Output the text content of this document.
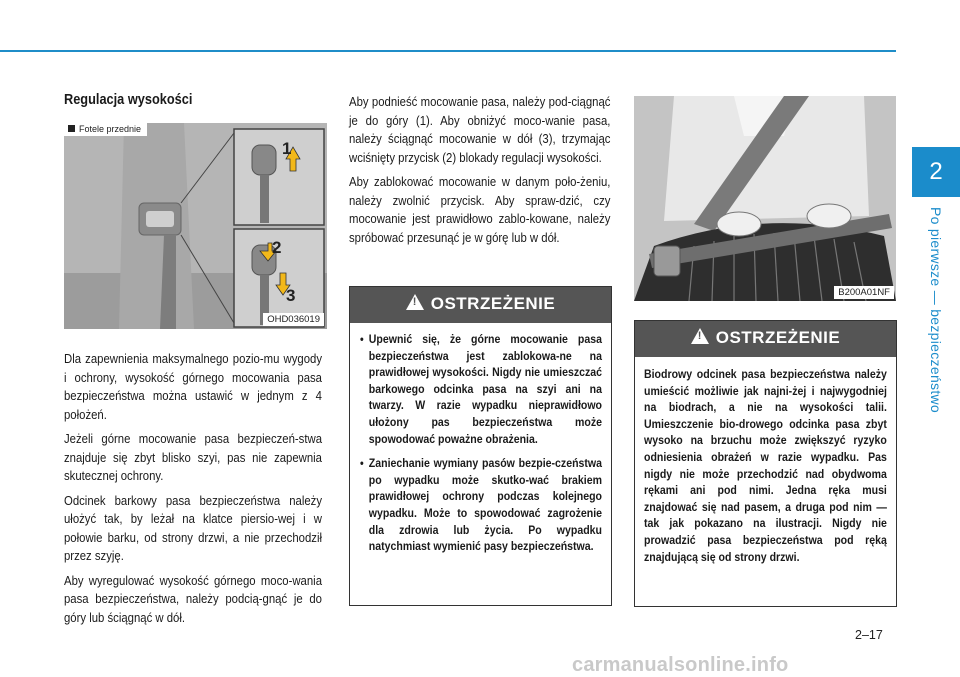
2
Po pierwsze — bezpieczeństwo
Regulacja wysokości
Fotele przednie
1
2
3
OHD036019

Dla zapewnienia maksymalnego pozio-mu wygody i ochrony, wysokość górnego mocowania pasa bezpieczeństwa można ustawić w jednym z 4 położeń.

Jeżeli górne mocowanie pasa bezpieczeń-stwa znajduje się zbyt blisko szyi, pas nie zapewnia skutecznej ochrony.

Odcinek barkowy pasa bezpieczeństwa należy ułożyć tak, by leżał na klatce piersio-wej i w połowie barku, od strony drzwi, a nie przechodził przez szyję.

Aby wyregulować wysokość górnego moco-wania pasa bezpieczeństwa, należy podcią-gnąć je do góry lub ściągnąć w dół.

Aby podnieść mocowanie pasa, należy pod-ciągnąć je do góry (1). Aby obniżyć moco-wanie pasa, należy ściągnąć mocowanie w dół (3), trzymając wciśnięty przycisk (2) blokady regulacji wysokości.

Aby zablokować mocowanie w danym poło-żeniu, należy zwolnić przycisk. Aby spraw-dzić, czy mocowanie jest prawidłowo zablo-kowane, należy spróbować przesunąć je w górę lub w dół.

!OSTRZEŻENIE
• Upewnić się, że górne mocowanie pasa bezpieczeństwa jest zablokowa-ne na prawidłowej wysokości. Nigdy nie umieszczać barkowego odcinka pasa na szyi ani na twarzy. W razie wypadku nieprawidłowo ułożony pas bezpieczeństwa może spowodować poważne obrażenia.
• Zaniechanie wymiany pasów bezpie-czeństwa po wypadku może skutko-wać brakiem prawidłowej ochrony podczas kolejnego wypadku. Może to spowodować zagrożenie dla zdrowia lub życia. Po wypadku natychmiast wymienić pasy bezpieczeństwa.
B200A01NF
!OSTRZEŻENIE
Biodrowy odcinek pasa bezpieczeństwa należy umieścić możliwie jak najni-żej i najwygodniej na biodrach, a nie na wysokości talii. Umieszczenie bio-drowego odcinka pasa zbyt wysoko na brzuchu może zwiększyć ryzyko odniesienia obrażeń w razie wypadku. Pas nigdy nie może przechodzić nad obydwoma rękami ani pod nimi. Jedna ręka musi znajdować się nad pasem, a druga pod nim — tak jak pokazano na ilustracji. Nigdy nie prowadzić pasa bezpieczeństwa pod ręką znajdującą się od strony drzwi.
2–17
carmanualsonline.info
